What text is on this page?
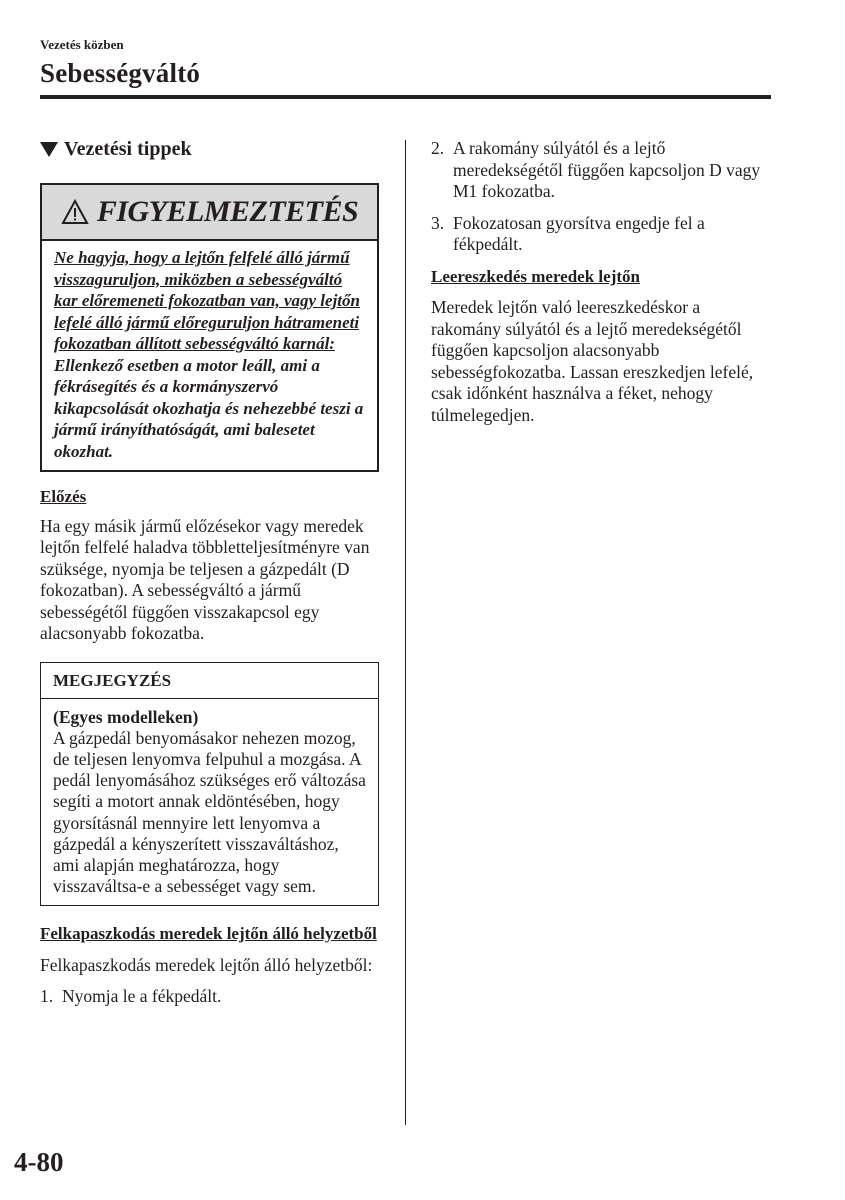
Vezetés közben
Sebességváltó
Vezetési tippek
FIGYELMEZTETÉS
Ne hagyja, hogy a lejtőn felfelé álló jármű visszaguruljon, miközben a sebességváltó kar előremeneti fokozatban van, vagy lejtőn lefelé álló jármű előreguruljon hátrameneti fokozatban állított sebességváltó karnál: Ellenkező esetben a motor leáll, ami a fékrásegítés és a kormányszervó kikapcsolását okozhatja és nehezebbé teszi a jármű irányíthatóságát, ami balesetet okozhat.
Előzés
Ha egy másik jármű előzésekor vagy meredek lejtőn felfelé haladva többletteljesítményre van szüksége, nyomja be teljesen a gázpedált (D fokozatban). A sebességváltó a jármű sebességétől függően visszakapcsol egy alacsonyabb fokozatba.
MEGJEGYZÉS
(Egyes modelleken)
A gázpedál benyomásakor nehezen mozog, de teljesen lenyomva felpuhul a mozgása. A pedál lenyomásához szükséges erő változása segíti a motort annak eldöntésében, hogy gyorsításnál mennyire lett lenyomva a gázpedál a kényszerített visszaváltáshoz, ami alapján meghatározza, hogy visszaváltsa-e a sebességet vagy sem.
Felkapaszkodás meredek lejtőn álló helyzetből
Felkapaszkodás meredek lejtőn álló helyzetből:
1. Nyomja le a fékpedált.
2. A rakomány súlyától és a lejtő meredekségétől függően kapcsoljon D vagy M1 fokozatba.
3. Fokozatosan gyorsítva engedje fel a fékpedált.
Leereszkedés meredek lejtőn
Meredek lejtőn való leereszkedéskor a rakomány súlyától és a lejtő meredekségétől függően kapcsoljon alacsonyabb sebességfokozatba. Lassan ereszkedjen lefelé, csak időnként használva a féket, nehogy túlmelegedjen.
4-80
